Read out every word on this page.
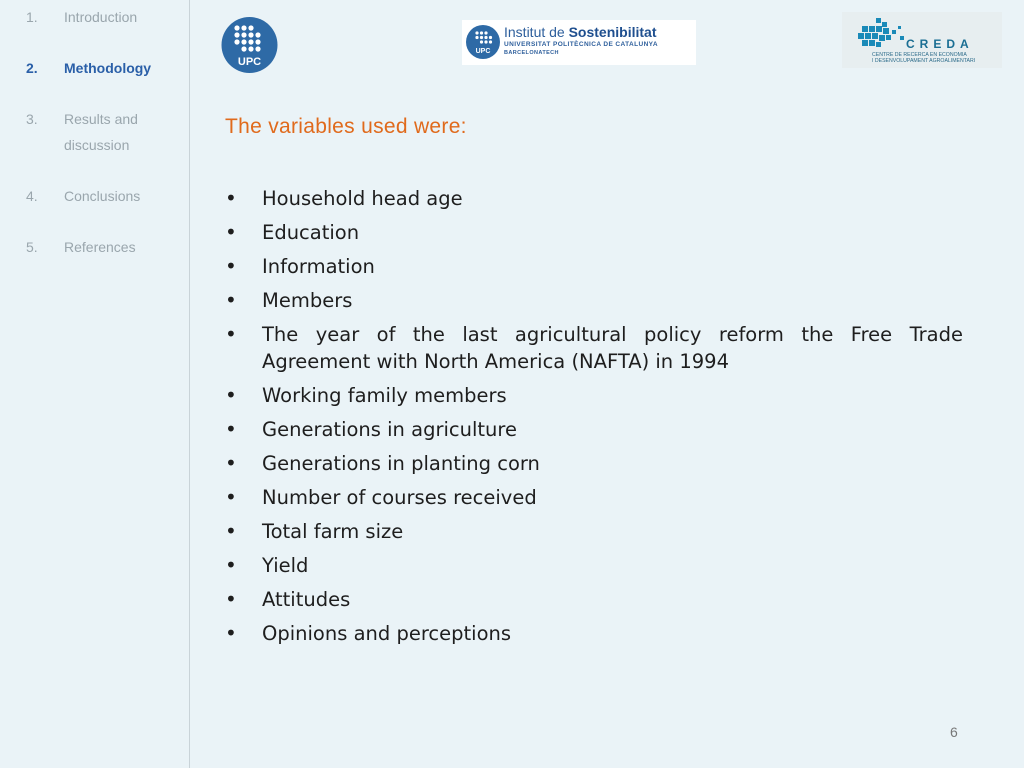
1. Introduction
2. Methodology
3. Results and discussion
4. Conclusions
5. References
UPC
UPC
Institut de Sostenibilitat
UNIVERSITAT POLITÈCNICA DE CATALUNYA
BARCELONATECH
CREDA
CENTRE DE RECERCA EN ECONOMIA
I DESENVOLUPAMENT AGROALIMENTARI
The variables used were:
• Household head age
• Education
• Information
• Members
• The year of the last agricultural policy reform the Free Trade Agreement with North America (NAFTA) in 1994
• Working family members
• Generations in agriculture
• Generations in planting corn
• Number of courses received
• Total farm size
• Yield
• Attitudes
• Opinions and perceptions
6
